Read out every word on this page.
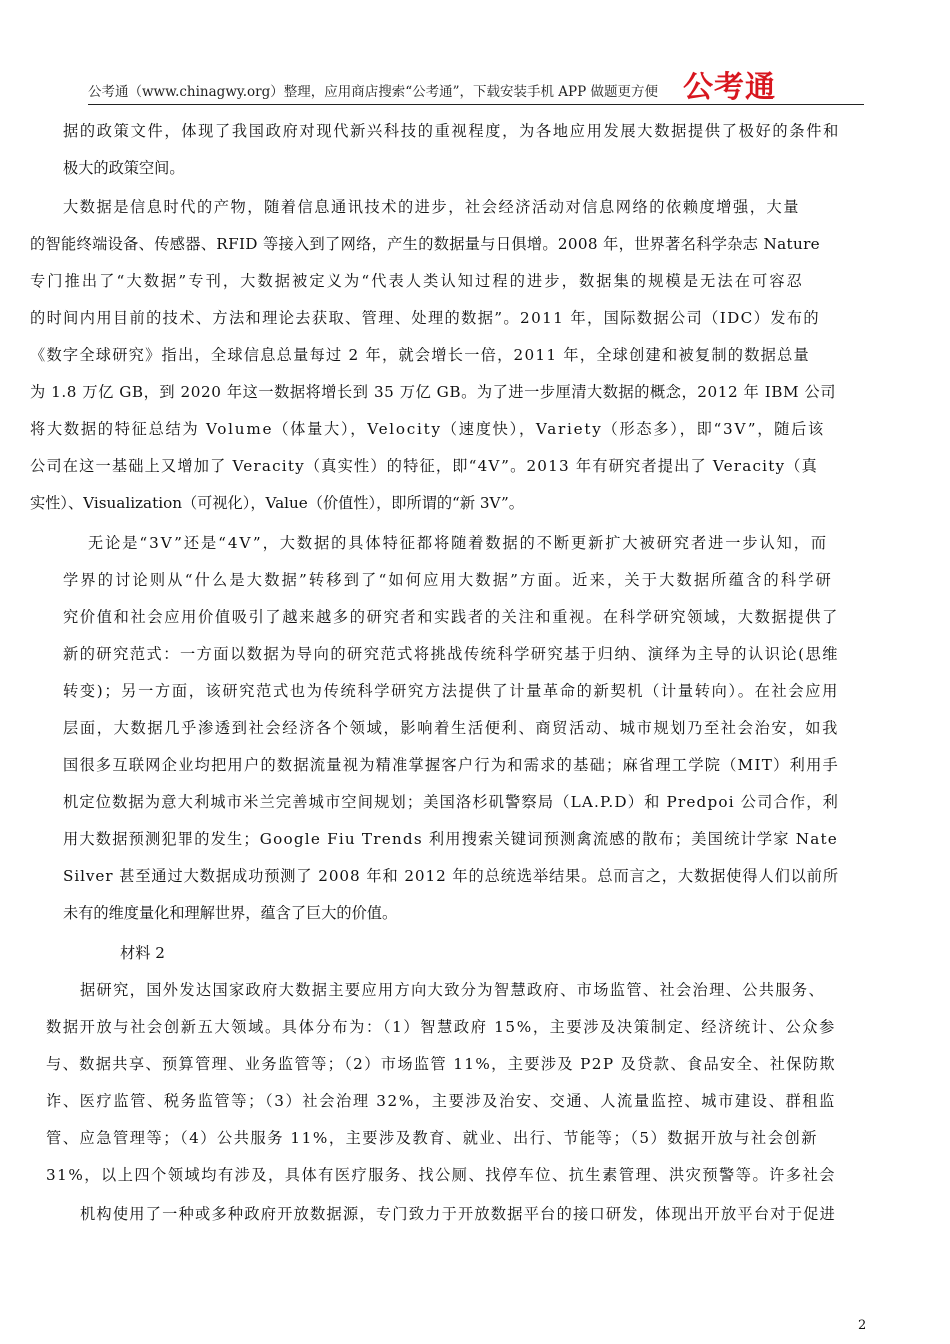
公考通（www.chinagwy.org）整理，应用商店搜索“公考通”，下载安装手机 APP 做题更方便 公考通
据的政策文件，体现了我国政府对现代新兴科技的重视程度，为各地应用发展大数据提供了极好的条件和
极大的政策空间。
大数据是信息时代的产物，随着信息通讯技术的进步，社会经济活动对信息网络的依赖度增强，大量
的智能终端设备、传感器、RFID 等接入到了网络，产生的数据量与日俱增。2008 年，世界著名科学杂志 Nature
专门推出了“大数据”专刊，大数据被定义为“代表人类认知过程的进步，数据集的规模是无法在可容忍
的时间内用目前的技术、方法和理论去获取、管理、处理的数据”。2011 年，国际数据公司（IDC）发布的
《数字全球研究》指出，全球信息总量每过 2 年，就会增长一倍，2011 年，全球创建和被复制的数据总量
为 1.8 万亿 GB，到 2020 年这一数据将增长到 35 万亿 GB。为了进一步厘清大数据的概念，2012 年 IBM 公司
将大数据的特征总结为 Volume（体量大），Velocity（速度快），Variety（形态多），即“3V”，随后该
公司在这一基础上又增加了 Veracity（真实性）的特征，即“4V”。2013 年有研究者提出了 Veracity（真
实性）、Visualization（可视化），Value（价值性），即所谓的“新 3V”。
无论是“3V”还是“4V”，大数据的具体特征都将随着数据的不断更新扩大被研究者进一步认知，而
学界的讨论则从“什么是大数据”转移到了“如何应用大数据”方面。近来，关于大数据所蕴含的科学研
究价值和社会应用价值吸引了越来越多的研究者和实践者的关注和重视。在科学研究领域，大数据提供了
新的研究范式：一方面以数据为导向的研究范式将挑战传统科学研究基于归纳、演绎为主导的认识论(思维
转变)；另一方面，该研究范式也为传统科学研究方法提供了计量革命的新契机（计量转向）。在社会应用
层面，大数据几乎渗透到社会经济各个领域，影响着生活便利、商贸活动、城市规划乃至社会治安，如我
国很多互联网企业均把用户的数据流量视为精准掌握客户行为和需求的基础；麻省理工学院（MIT）利用手
机定位数据为意大利城市米兰完善城市空间规划；美国洛杉矶警察局（LA.P.D）和 Predpoi 公司合作，利
用大数据预测犯罪的发生；Google Fiu Trends 利用搜索关键词预测禽流感的散布；美国统计学家 Nate
Silver 甚至通过大数据成功预测了 2008 年和 2012 年的总统选举结果。总而言之，大数据使得人们以前所
未有的维度量化和理解世界，蕴含了巨大的价值。
材料 2
据研究，国外发达国家政府大数据主要应用方向大致分为智慧政府、市场监管、社会治理、公共服务、
数据开放与社会创新五大领域。具体分布为：（1）智慧政府 15%，主要涉及决策制定、经济统计、公众参
与、数据共享、预算管理、业务监管等；（2）市场监管 11%，主要涉及 P2P 及贷款、食品安全、社保防欺
诈、医疗监管、税务监管等；（3）社会治理 32%，主要涉及治安、交通、人流量监控、城市建设、群租监
管、应急管理等；（4）公共服务 11%，主要涉及教育、就业、出行、节能等；（5）数据开放与社会创新
31%，以上四个领域均有涉及，具体有医疗服务、找公厕、找停车位、抗生素管理、洪灾预警等。许多社会
机构使用了一种或多种政府开放数据源，专门致力于开放数据平台的接口研发，体现出开放平台对于促进
2
